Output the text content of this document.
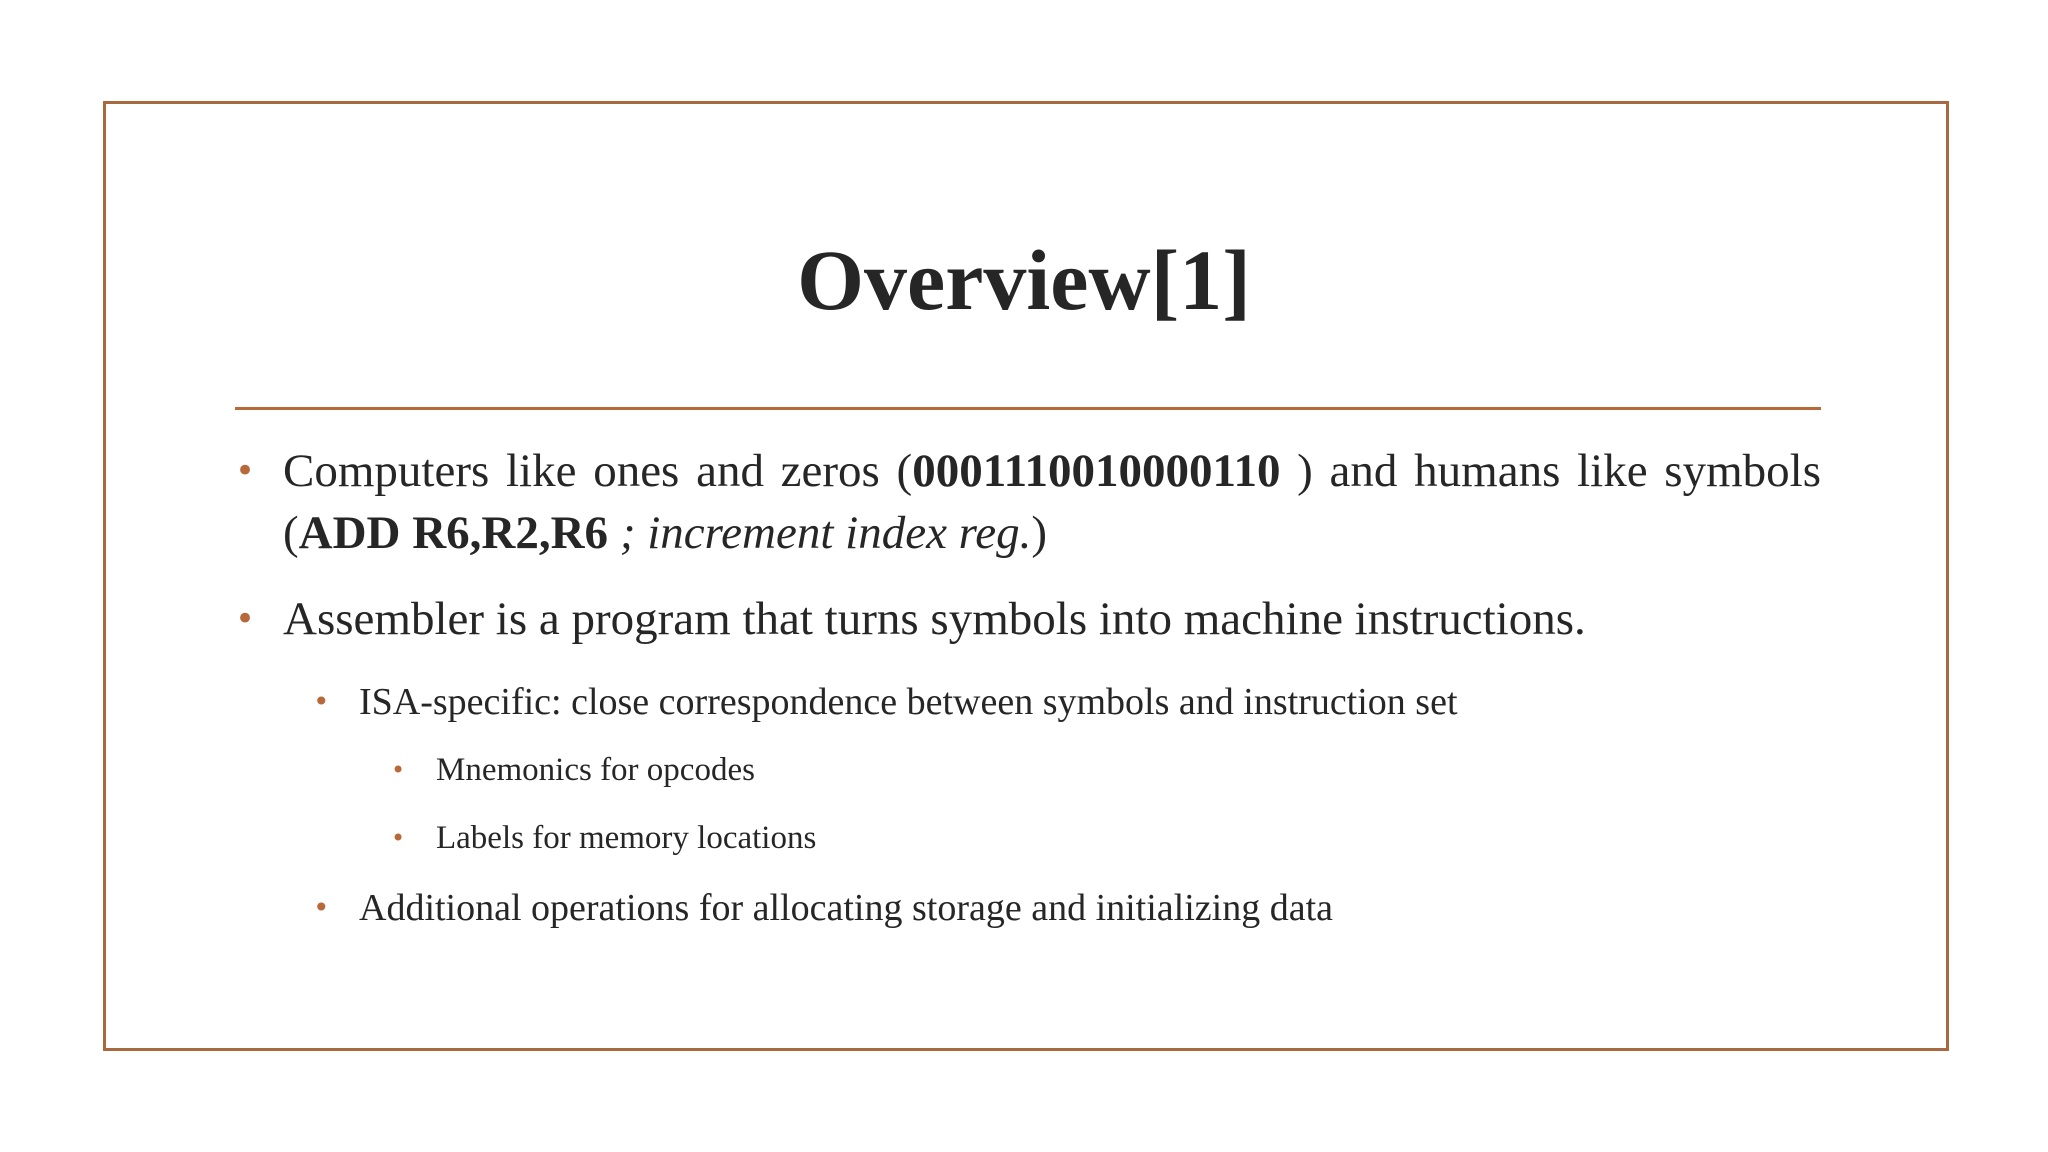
Overview[1]
• Computers like ones and zeros (0001110010000110 ) and humans like symbols (ADD R6,R2,R6 ; increment index reg.)
• Assembler is a program that turns symbols into machine instructions.
• ISA-specific: close correspondence between symbols and instruction set
• Mnemonics for opcodes
• Labels for memory locations
• Additional operations for allocating storage and initializing data
